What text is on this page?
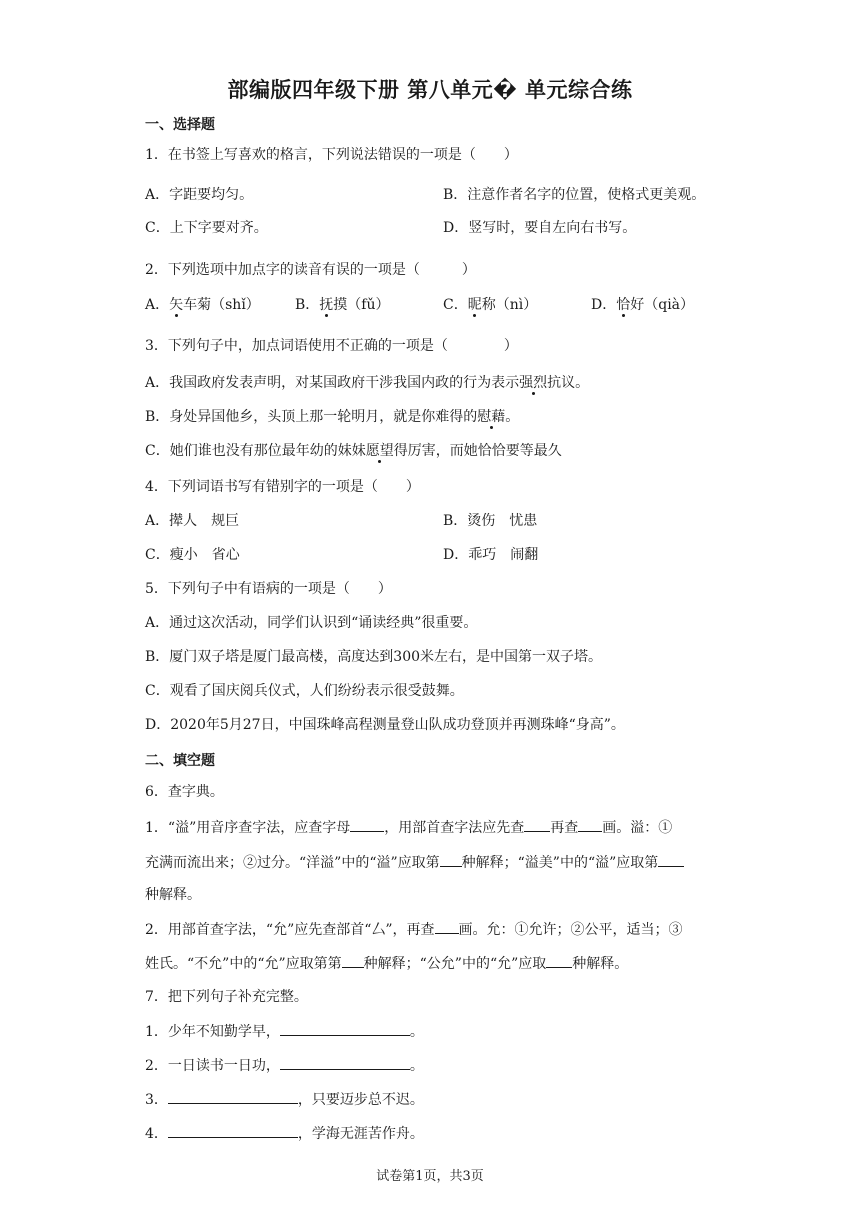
部编版四年级下册 第八单元� 单元综合练
一、选择题
1．在书签上写喜欢的格言，下列说法错误的一项是（　　）
A．字距要均匀。	B．注意作者名字的位置，使格式更美观。
C．上下字要对齐。	D．竖写时，要自左向右书写。
2．下列选项中加点字的读音有误的一项是（　　　）
A．矢车菊（shǐ）	B．抚摸（fǔ）	C．昵称（nì）	D．恰好（qià）
3．下列句子中，加点词语使用不正确的一项是（　　　　）
A．我国政府发表声明，对某国政府干涉我国内政的行为表示强烈抗议。
B．身处异国他乡，头顶上那一轮明月，就是你难得的慰藉。
C．她们谁也没有那位最年幼的妹妹愿望得厉害，而她恰恰要等最久
4．下列词语书写有错别字的一项是（　　）
A．撵人　规巨	B．烫伤　忧患
C．瘦小　省心	D．乖巧　闹翻
5．下列句子中有语病的一项是（　　）
A．通过这次活动，同学们认识到“诵读经典”很重要。
B．厦门双子塔是厦门最高楼，高度达到300米左右，是中国第一双子塔。
C．观看了国庆阅兵仪式，人们纷纷表示很受鼓舞。
D．2020年5月27日，中国珠峰高程测量登山队成功登顶并再测珠峰“身高”。
二、填空题
6．查字典。
1．“溢”用音序查字法，应查字母 ，用部首查字法应先查 再查 画。溢：①
充满而流出来；②过分。“洋溢”中的“溢”应取第 种解释；“溢美”中的“溢”应取第
种解释。
2．用部首查字法，“允”应先查部首“厶”，再查 画。允：①允许；②公平，适当；③
姓氏。“不允”中的“允”应取第第 种解释；“公允”中的“允”应取 种解释。
7．把下列句子补充完整。
1．少年不知勤学早，	。
2．一日读书一日功，	。
3．	，只要迈步总不迟。
4．	，学海无涯苦作舟。
试卷第1页，共3页
